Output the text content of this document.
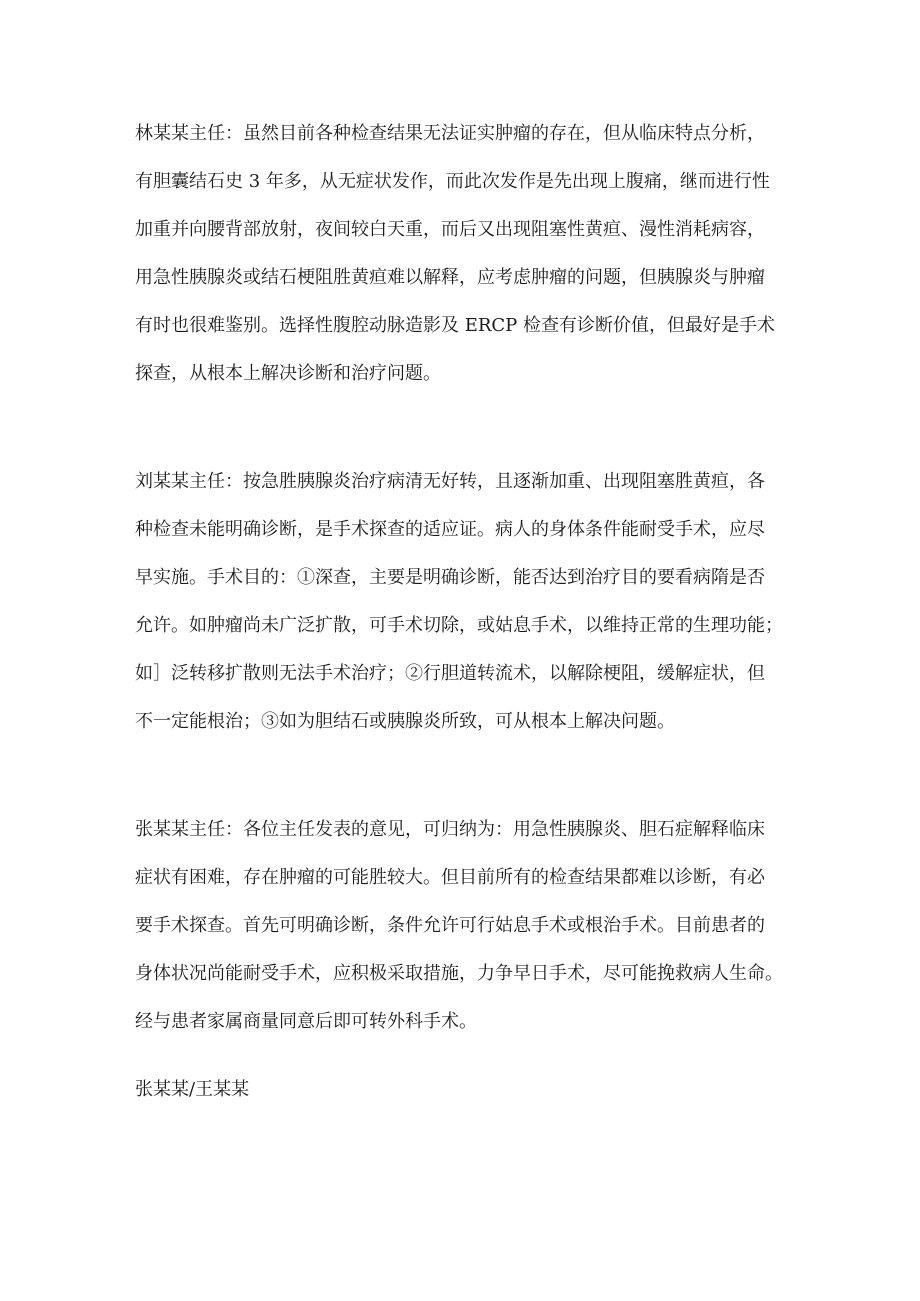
林某某主任：虽然目前各种检查结果无法证实肿瘤的存在，但从临床特点分析，
有胆囊结石史 3 年多，从无症状发作，而此次发作是先出现上腹痛，继而进行性
加重并向腰背部放射，夜间较白天重，而后又出现阻塞性黄疸、漫性消耗病容，
用急性胰腺炎或结石梗阻胜黄疸难以解释，应考虑肿瘤的问题，但胰腺炎与肿瘤
有时也很难鉴别。选择性腹腔动脉造影及 ERCP 检查有诊断价值，但最好是手术
探查，从根本上解决诊断和治疗问题。

刘某某主任：按急胜胰腺炎治疗病清无好转，且逐渐加重、出现阻塞胜黄疸，各
种检查未能明确诊断，是手术探查的适应证。病人的身体条件能耐受手术，应尽
早实施。手术目的：①深查，主要是明确诊断，能否达到治疗目的要看病隋是否
允许。如肿瘤尚未广泛扩散，可手术切除，或姑息手术，以维持正常的生理功能；
如］泛转移扩散则无法手术治疗；②行胆道转流术，以解除梗阻，缓解症状，但
不一定能根治；③如为胆结石或胰腺炎所致，可从根本上解决问题。

张某某主任：各位主任发表的意见，可归纳为：用急性胰腺炎、胆石症解释临床
症状有困难，存在肿瘤的可能胜较大。但目前所有的检查结果都难以诊断，有必
要手术探查。首先可明确诊断，条件允许可行姑息手术或根治手术。目前患者的
身体状况尚能耐受手术，应积极采取措施，力争早日手术，尽可能挽救病人生命。
经与患者家属商量同意后即可转外科手术。

张某某/王某某
